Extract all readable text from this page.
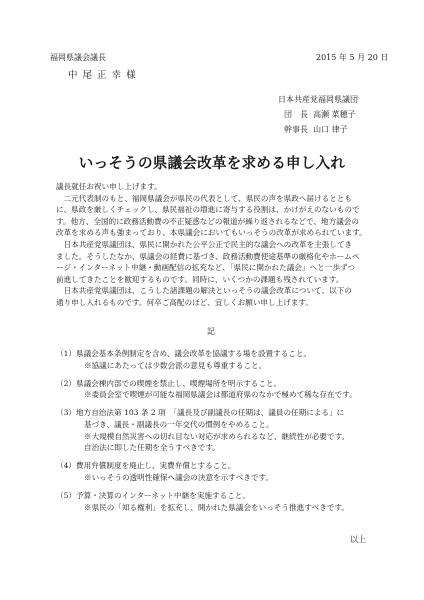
福岡県議会議長	2015 年 5 月 20 日
中 尾 正 幸 様
日本共産党福岡県議団
団　長 高瀬 菜穂子
幹事長 山口 律子
いっそうの県議会改革を求める申し入れ
議長就任お祝い申し上げます。
　二元代表制のもと、福岡県議会が県民の代表として、県民の声を県政へ届けるととも
に、県政を厳しくチェックし、県民福祉の増進に寄与する役割は、かけがえのないもので
す。他方、全国的に政務活動費の不正疑惑などの報道が繰り返されるなどで、地方議会の
改革を求める声も強まっており、本県議会においてもいっそうの改革が求められています。
　日本共産党県議団は、県民に開かれた公平公正で民主的な議会への改革を主張してき
ました。そうしたなか、県議会の経費に基づき、政務活動費使途基準の厳格化やホームペ
ージ・インターネット中継・動画配信の拡充など、「県民に開かれた議会」へと一歩ずつ
前進してきたことを歓迎するものです。同時に、いくつかの課題も残されています。
　日本共産党県議団は、こうした諸課題の解決といっそうの議会改革について、以下の
通り申し入れるものです。何卒ご高配のほど、宜しくお願い申し上げます。
記
（1）県議会基本条例制定を含め、議会改革を協議する場を設置すること。
※協議にあたっては少数会派の意見も尊重すること。
（2）県議会棟内部での喫煙を禁止し、喫煙場所を明示すること。
※委員会室で喫煙が可能な福岡県議会は都道府県のなかで極めて稀な存在です。
（3）地方自治法第 103 条 2 項　「議長及び副議長の任期は、議員の任期による」に
基づき、議長・副議長の一年交代の慣例をやめること。
※大規模自然災害への切れ目ない対応が求められるなど、継続性が必要です。
自治法に即した任期を全うすべきです。
（4）費用弁償制度を廃止し、実費弁償とすること。
※いっそうの透明性確保へ議会の決意を示すべきです。
（5）予算・決算のインターネット中継を実施すること。
※県民の「知る権利」を拡充し、開かれた県議会をいっそう推進すべきです。
以上
